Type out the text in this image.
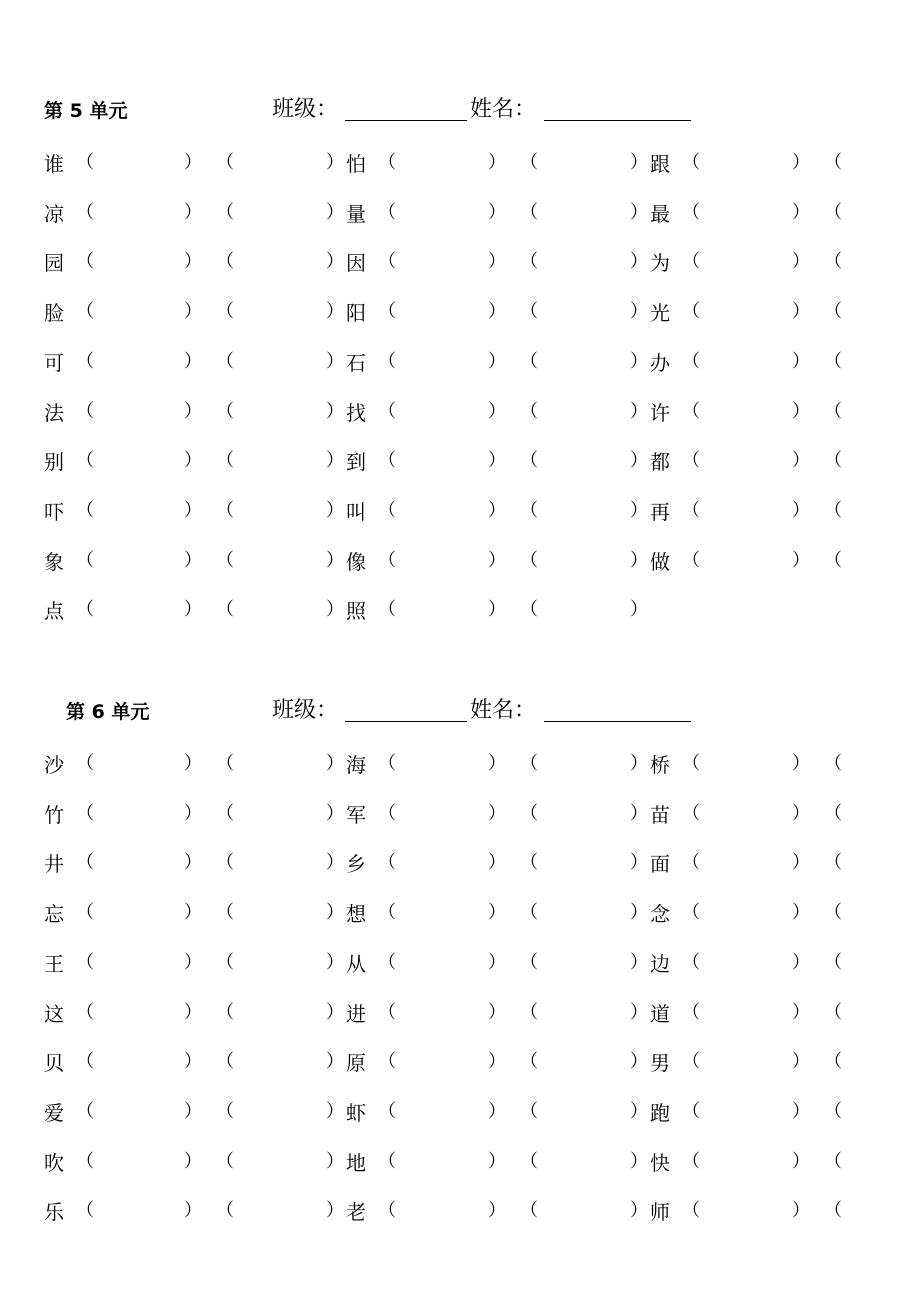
第 5 单元	班级：	姓名：
第 6 单元	班级：	姓名：
谁 （	） （	） 怕 （	） （	） 跟 （	） （
凉 （	） （	） 量 （	） （	） 最 （	） （
园 （	） （	） 因 （	） （	） 为 （	） （
脸 （	） （	） 阳 （	） （	） 光 （	） （
可 （	） （	） 石 （	） （	） 办 （	） （
法 （	） （	） 找 （	） （	） 许 （	） （
别 （	） （	） 到 （	） （	） 都 （	） （
吓 （	） （	） 叫 （	） （	） 再 （	） （
象 （	） （	） 像 （	） （	） 做 （	） （
点 （	） （	） 照 （	） （	）
沙 （	） （	） 海 （	） （	） 桥 （	） （
竹 （	） （	） 军 （	） （	） 苗 （	） （
井 （	） （	） 乡 （	） （	） 面 （	） （
忘 （	） （	） 想 （	） （	） 念 （	） （
王 （	） （	） 从 （	） （	） 边 （	） （
这 （	） （	） 进 （	） （	） 道 （	） （
贝 （	） （	） 原 （	） （	） 男 （	） （
爱 （	） （	） 虾 （	） （	） 跑 （	） （
吹 （	） （	） 地 （	） （	） 快 （	） （
乐 （	） （	） 老 （	） （	） 师 （	） （
